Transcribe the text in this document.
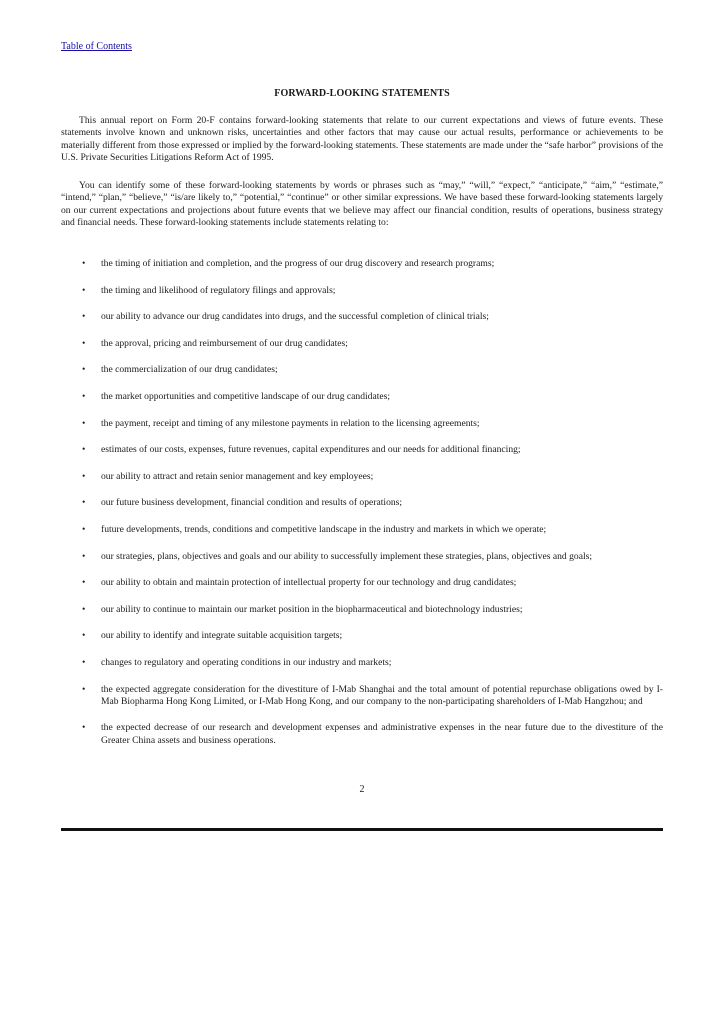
Table of Contents
FORWARD-LOOKING STATEMENTS

This annual report on Form 20-F contains forward-looking statements that relate to our current expectations and views of future events. These statements involve known and unknown risks, uncertainties and other factors that may cause our actual results, performance or achievements to be materially different from those expressed or implied by the forward-looking statements. These statements are made under the “safe harbor” provisions of the U.S. Private Securities Litigations Reform Act of 1995.

You can identify some of these forward-looking statements by words or phrases such as “may,” “will,” “expect,” “anticipate,” “aim,” “estimate,” “intend,” “plan,” “believe,” “is/are likely to,” “potential,” “continue” or other similar expressions. We have based these forward-looking statements largely on our current expectations and projections about future events that we believe may affect our financial condition, results of operations, business strategy and financial needs. These forward-looking statements include statements relating to:

• the timing of initiation and completion, and the progress of our drug discovery and research programs;
• the timing and likelihood of regulatory filings and approvals;
• our ability to advance our drug candidates into drugs, and the successful completion of clinical trials;
• the approval, pricing and reimbursement of our drug candidates;
• the commercialization of our drug candidates;
• the market opportunities and competitive landscape of our drug candidates;
• the payment, receipt and timing of any milestone payments in relation to the licensing agreements;
• estimates of our costs, expenses, future revenues, capital expenditures and our needs for additional financing;
• our ability to attract and retain senior management and key employees;
• our future business development, financial condition and results of operations;
• future developments, trends, conditions and competitive landscape in the industry and markets in which we operate;
• our strategies, plans, objectives and goals and our ability to successfully implement these strategies, plans, objectives and goals;
• our ability to obtain and maintain protection of intellectual property for our technology and drug candidates;
• our ability to continue to maintain our market position in the biopharmaceutical and biotechnology industries;
• our ability to identify and integrate suitable acquisition targets;
• changes to regulatory and operating conditions in our industry and markets;
• the expected aggregate consideration for the divestiture of I-Mab Shanghai and the total amount of potential repurchase obligations owed by I-Mab Biopharma Hong Kong Limited, or I-Mab Hong Kong, and our company to the non-participating shareholders of I-Mab Hangzhou; and
• the expected decrease of our research and development expenses and administrative expenses in the near future due to the divestiture of the Greater China assets and business operations.
2
